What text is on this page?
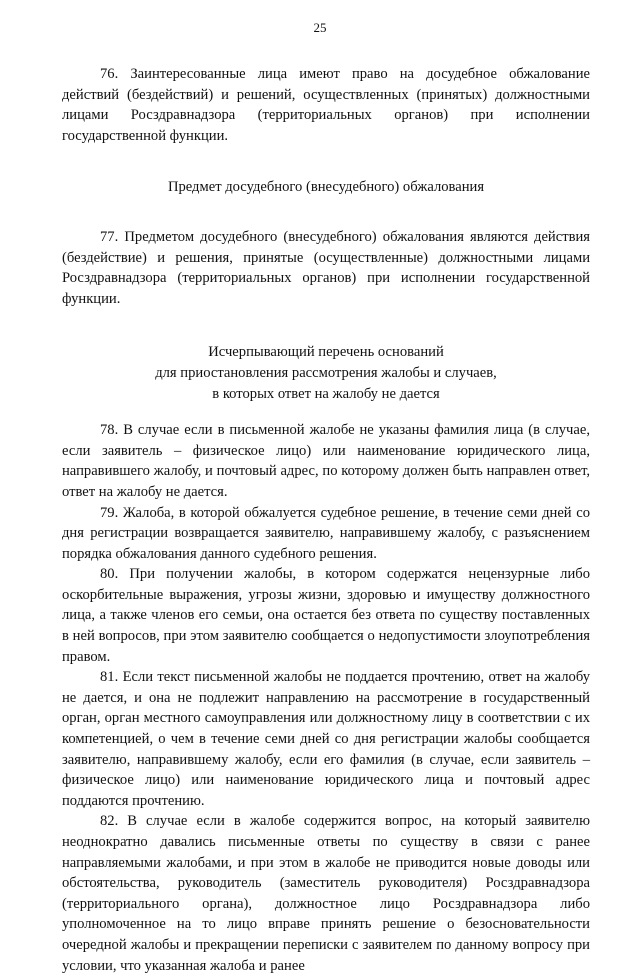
25

76. Заинтересованные лица имеют право на досудебное обжалование действий (бездействий) и решений, осуществленных (принятых) должностными лицами Росздравнадзора (территориальных органов) при исполнении государственной функции.

Предмет досудебного (внесудебного) обжалования

77. Предметом досудебного (внесудебного) обжалования являются действия (бездействие) и решения, принятые (осуществленные) должностными лицами Росздравнадзора (территориальных органов) при исполнении государственной функции.

Исчерпывающий перечень оснований
для приостановления рассмотрения жалобы и случаев,
в которых ответ на жалобу не дается

78. В случае если в письменной жалобе не указаны фамилия лица (в случае, если заявитель – физическое лицо) или наименование юридического лица, направившего жалобу, и почтовый адрес, по которому должен быть направлен ответ, ответ на жалобу не дается.

79. Жалоба, в которой обжалуется судебное решение, в течение семи дней со дня регистрации возвращается заявителю, направившему жалобу, с разъяснением порядка обжалования данного судебного решения.

80. При получении жалобы, в котором содержатся нецензурные либо оскорбительные выражения, угрозы жизни, здоровью и имуществу должностного лица, а также членов его семьи, она остается без ответа по существу поставленных в ней вопросов, при этом заявителю сообщается о недопустимости злоупотребления правом.

81. Если текст письменной жалобы не поддается прочтению, ответ на жалобу не дается, и она не подлежит направлению на рассмотрение в государственный орган, орган местного самоуправления или должностному лицу в соответствии с их компетенцией, о чем в течение семи дней со дня регистрации жалобы сообщается заявителю, направившему жалобу, если его фамилия (в случае, если заявитель – физическое лицо) или наименование юридического лица и почтовый адрес поддаются прочтению.

82. В случае если в жалобе содержится вопрос, на который заявителю неоднократно давались письменные ответы по существу в связи с ранее направляемыми жалобами, и при этом в жалобе не приводится новые доводы или обстоятельства, руководитель (заместитель руководителя) Росздравнадзора (территориального органа), должностное лицо Росздравнадзора либо уполномоченное на то лицо вправе принять решение о безосновательности очередной жалобы и прекращении переписки с заявителем по данному вопросу при условии, что указанная жалоба и ранее
